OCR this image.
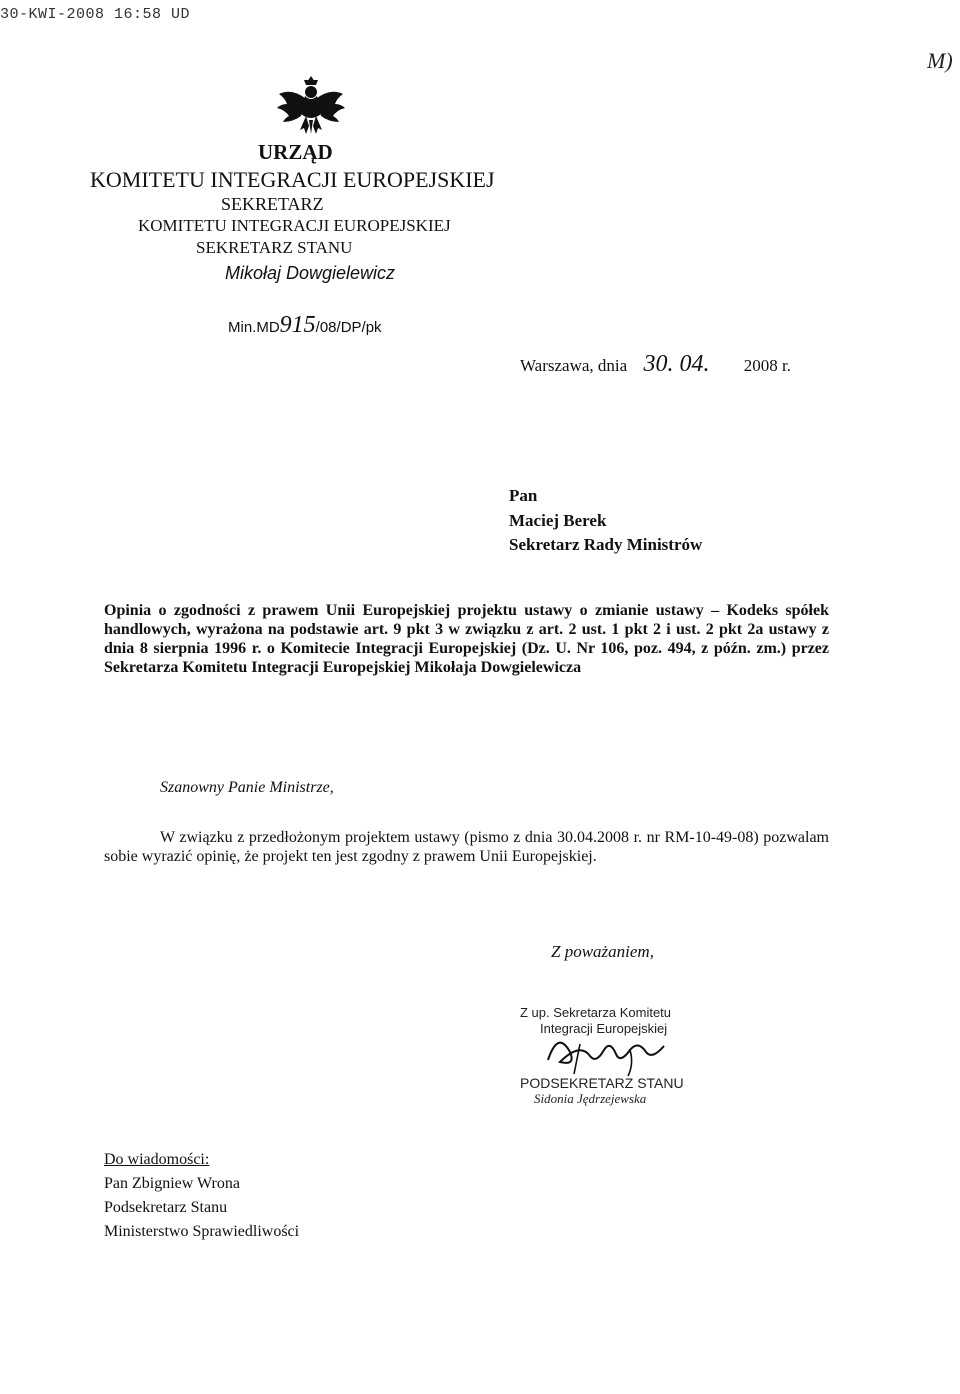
30-KWI-2008 16:58 UD
M)
URZĄD
KOMITETU INTEGRACJI EUROPEJSKIEJ
SEKRETARZ
KOMITETU INTEGRACJI EUROPEJSKIEJ
SEKRETARZ STANU
Mikołaj Dowgielewicz
Min.MD915/08/DP/pk
Warszawa, dnia 30. 04. 2008 r.
Pan
Maciej Berek
Sekretarz Rady Ministrów
Opinia o zgodności z prawem Unii Europejskiej projektu ustawy o zmianie ustawy – Kodeks spółek handlowych, wyrażona na podstawie art. 9 pkt 3 w związku z art. 2 ust. 1 pkt 2 i ust. 2 pkt 2a ustawy z dnia 8 sierpnia 1996 r. o Komitecie Integracji Europejskiej (Dz. U. Nr 106, poz. 494, z późn. zm.) przez Sekretarza Komitetu Integracji Europejskiej Mikołaja Dowgielewicza
Szanowny Panie Ministrze,
W związku z przedłożonym projektem ustawy (pismo z dnia 30.04.2008 r. nr RM-10-49-08) pozwalam sobie wyrazić opinię, że projekt ten jest zgodny z prawem Unii Europejskiej.
Z poważaniem,
Z up. Sekretarza Komitetu
Integracji Europejskiej
PODSEKRETARZ STANU
Sidonia Jędrzejewska
Do wiadomości:
Pan Zbigniew Wrona
Podsekretarz Stanu
Ministerstwo Sprawiedliwości
